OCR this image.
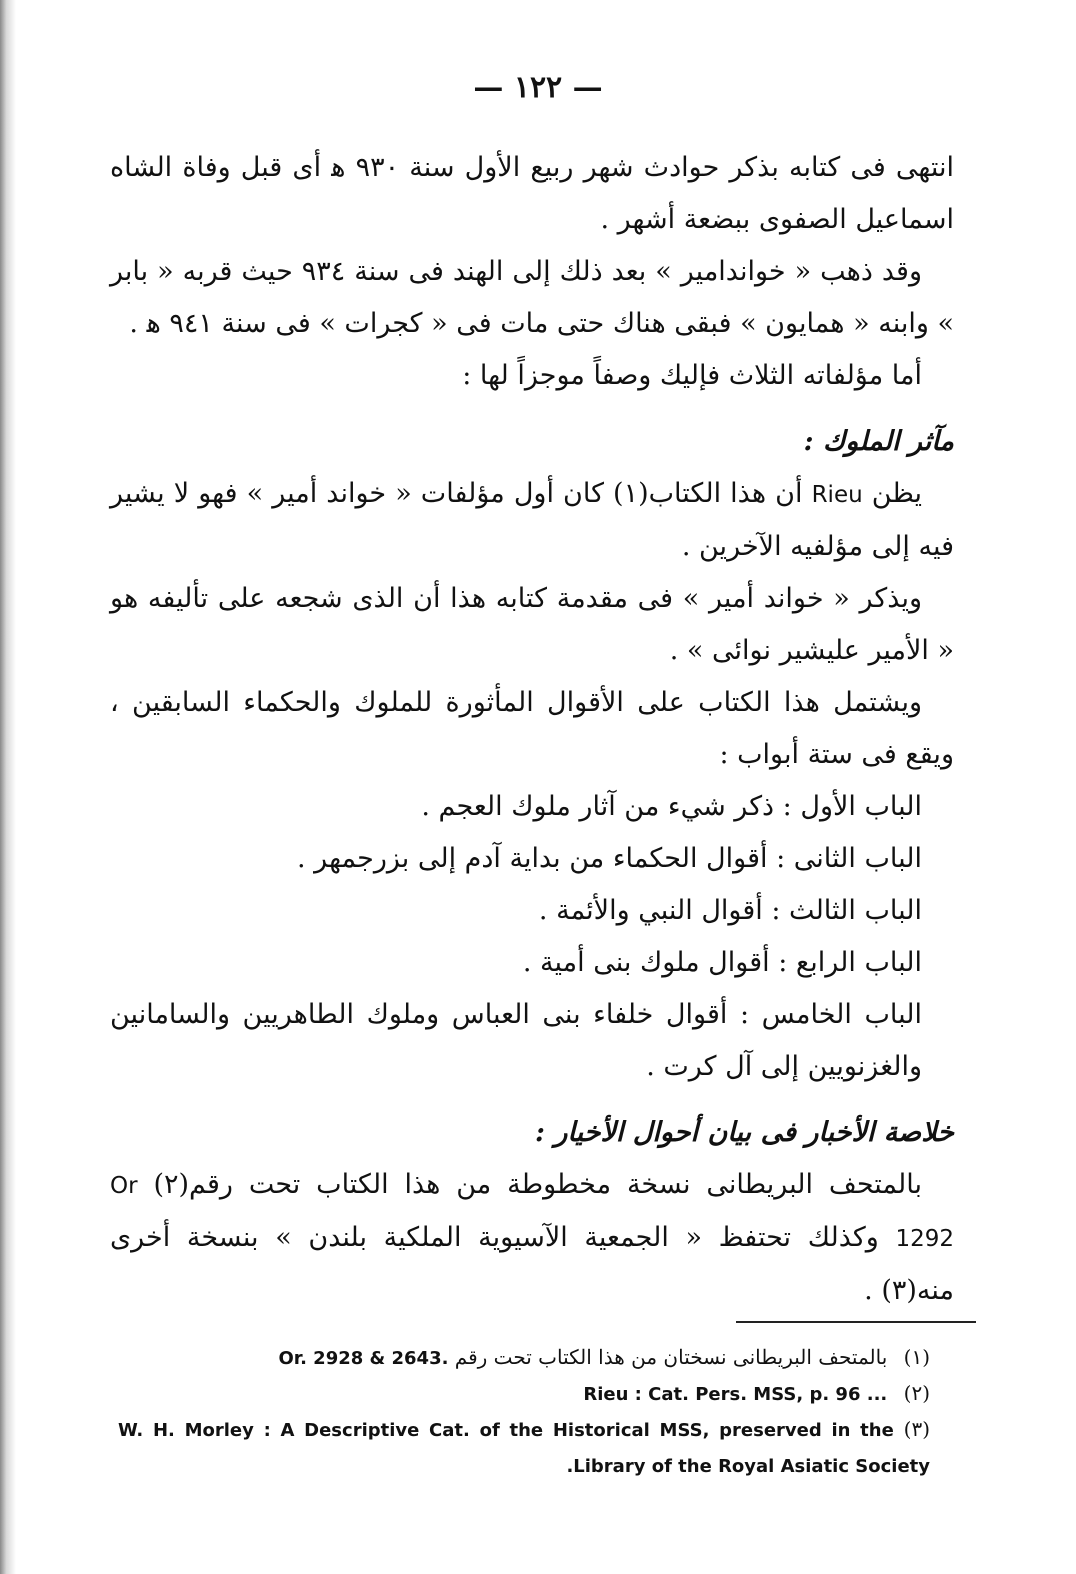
— ١٢٢ —

انتهى فى كتابه بذكر حوادث شهر ربيع الأول سنة ٩٣٠ ﻫ أى قبل وفاة الشاه اسماعيل الصفوى ببضعة أشهر .

وقد ذهب « خواندامير » بعد ذلك إلى الهند فى سنة ٩٣٤ حيث قربه « بابر » وابنه « همايون » فبقى هناك حتى مات فى « كجرات » فى سنة ٩٤١ ﻫ .

أما مؤلفاته الثلاث فإليك وصفاً موجزاً لها :

مآثر الملوك :

يظن Rieu أن هذا الكتاب(١) كان أول مؤلفات « خواند أمير » فهو لا يشير فيه إلى مؤلفيه الآخرين .

ويذكر « خواند أمير » فى مقدمة كتابه هذا أن الذى شجعه على تأليفه هو « الأمير عليشير نوائى » .

ويشتمل هذا الكتاب على الأقوال المأثورة للملوك والحكماء السابقين ، ويقع فى ستة أبواب :

الباب الأول : ذكر شيء من آثار ملوك العجم .

الباب الثانى : أقوال الحكماء من بداية آدم إلى بزرجمهر .

الباب الثالث : أقوال النبي والأئمة .

الباب الرابع : أقوال ملوك بنى أمية .

الباب الخامس : أقوال خلفاء بنى العباس وملوك الطاهريين والسامانين والغزنويين إلى آل كرت .

خلاصة الأخبار فى بيان أحوال الأخيار :

بالمتحف البريطانى نسخة مخطوطة من هذا الكتاب تحت رقم(٢) Or 1292 وكذلك تحتفظ « الجمعية الآسيوية الملكية بلندن » بنسخة أخرى منه(٣) .

(١) بالمتحف البريطانى نسختان من هذا الكتاب تحت رقم Or. 2928 & 2643.
(٢) Rieu : Cat. Pers. MSS, p. 96 ...
(٣) W. H. Morley : A Descriptive Cat. of the Historical MSS, preserved in the Library of the Royal Asiatic Society.
